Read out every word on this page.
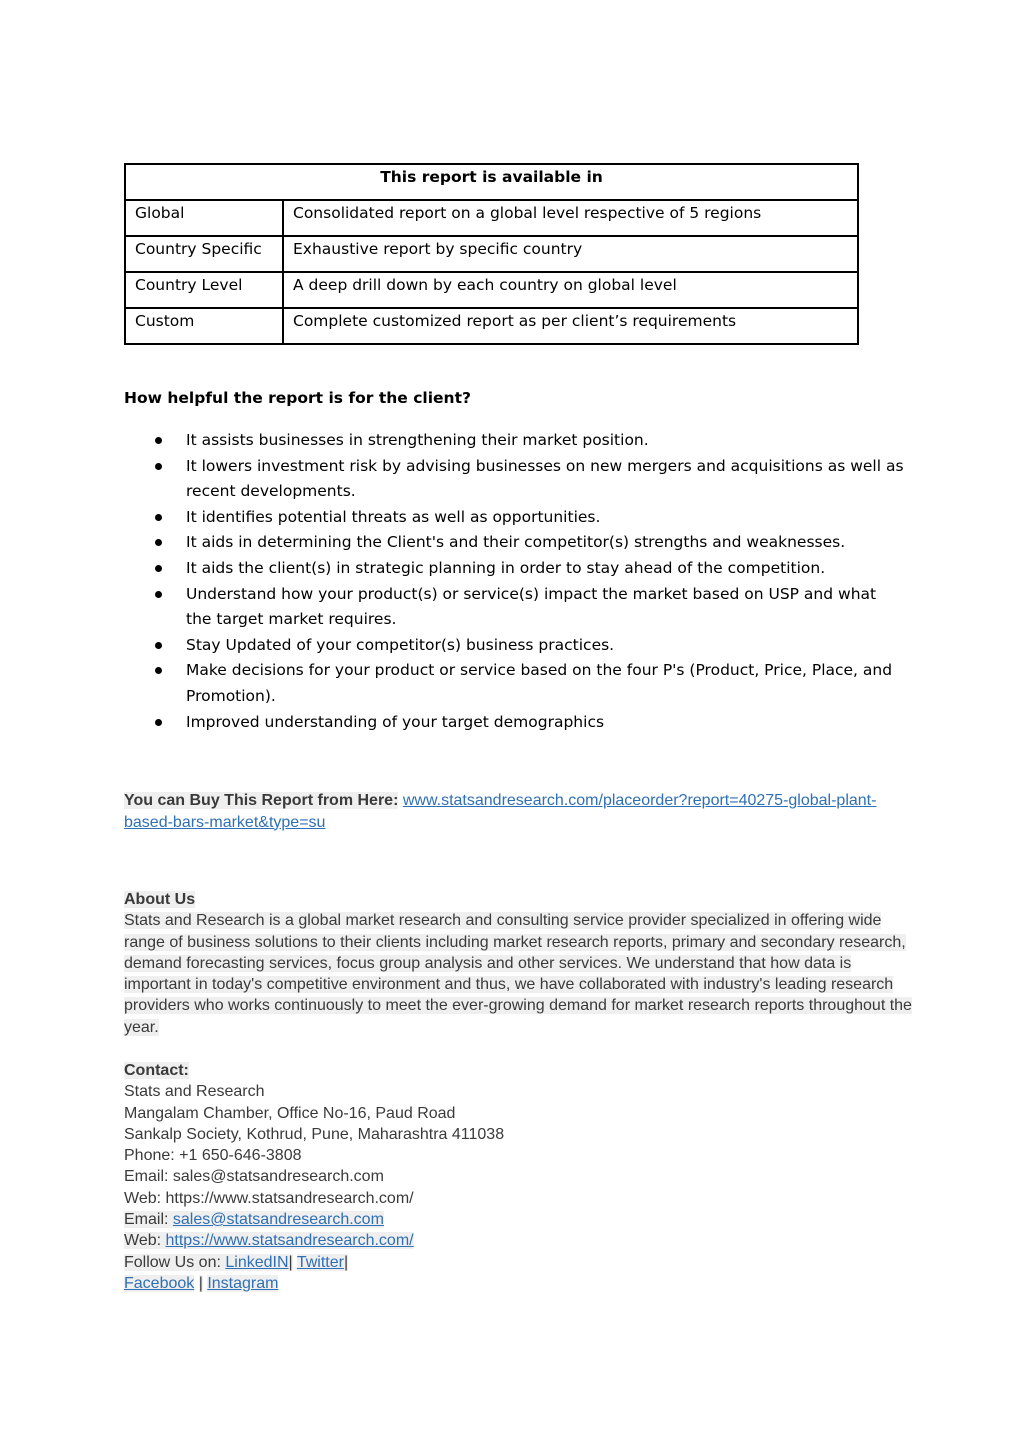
This report is available in	
Global	Consolidated report on a global level respective of 5 regions
Country Specific	Exhaustive report by specific country
Country Level	A deep drill down by each country on global level
Custom	Complete customized report as per client’s requirements
How helpful the report is for the client?
It assists businesses in strengthening their market position.
It lowers investment risk by advising businesses on new mergers and acquisitions as well as recent developments.
It identifies potential threats as well as opportunities.
It aids in determining the Client's and their competitor(s) strengths and weaknesses.
It aids the client(s) in strategic planning in order to stay ahead of the competition.
Understand how your product(s) or service(s) impact the market based on USP and what the target market requires.
Stay Updated of your competitor(s) business practices.
Make decisions for your product or service based on the four P's (Product, Price, Place, and Promotion).
Improved understanding of your target demographics

You can Buy This Report from Here: www.statsandresearch.com/placeorder?report=40275-global-plant-based-bars-market&type=su

About Us

Stats and Research is a global market research and consulting service provider specialized in offering wide range of business solutions to their clients including market research reports, primary and secondary research, demand forecasting services, focus group analysis and other services. We understand that how data is important in today's competitive environment and thus, we have collaborated with industry's leading research providers who works continuously to meet the ever-growing demand for market research reports throughout the year.

Contact:
Stats and Research
Mangalam Chamber, Office No-16, Paud Road
Sankalp Society, Kothrud, Pune, Maharashtra 411038
Phone: +1 650-646-3808
Email: sales@statsandresearch.com
Web: https://www.statsandresearch.com/
Email: sales@statsandresearch.com
Web: https://www.statsandresearch.com/
Follow Us on: LinkedIN| Twitter|
Facebook | Instagram
